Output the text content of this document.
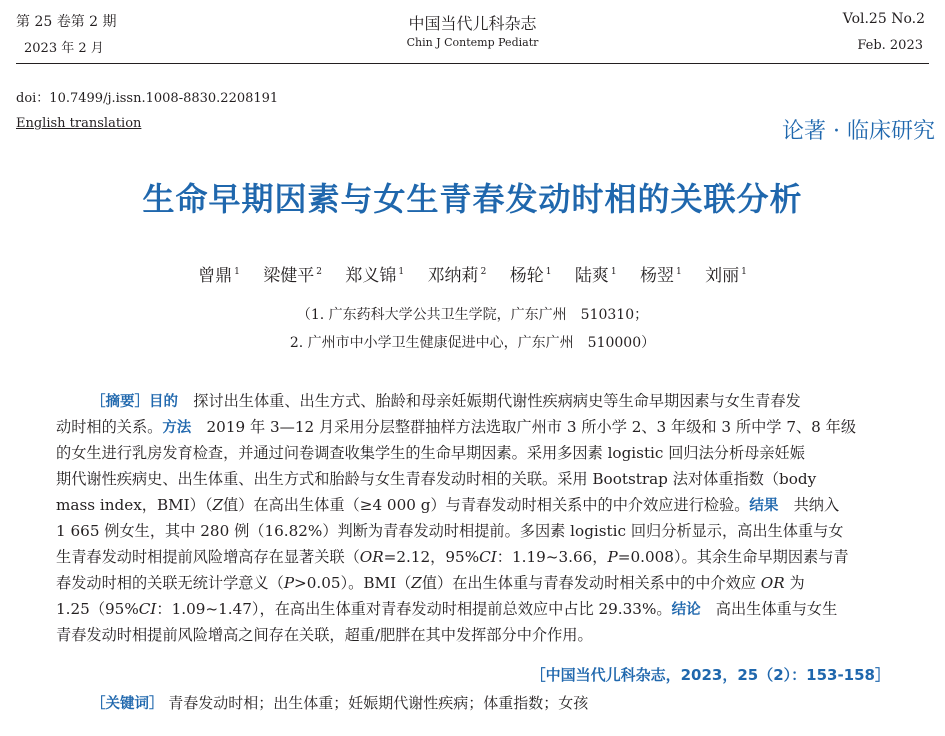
第 25 卷第 2 期
2023 年 2 月
中国当代儿科杂志
Chin J Contemp Pediatr
Vol.25 No.2
Feb. 2023
doi：10.7499/j.issn.1008-8830.2208191
English translation	论著 · 临床研究
生命早期因素与女生青春发动时相的关联分析
曾鼎 $^1$ 梁健平 $^2$ 郑义锦 $^1$ 邓纳莉 $^2$ 杨轮 $^1$ 陆爽 $^1$ 杨翌 $^1$ 刘丽 $^1$
（1. 广东药科大学公共卫生学院，广东广州　510310；
2. 广州市中小学卫生健康促进中心，广东广州　510000）
［摘要］目的　 探讨出生体重、出生方式、胎龄和母亲妊娠期代谢性疾病病史等生命早期因素与女生青春发
动时相的关系。方法　 2019 年 3—12 月采用分层整群抽样方法选取广州市 3 所小学 2、3 年级和 3 所中学 7、8 年级
的女生进行乳房发育检查，并通过问卷调查收集学生的生命早期因素。采用多因素 logistic 回归法分析母亲妊娠
期代谢性疾病史、出生体重、出生方式和胎龄与女生青春发动时相的关联。采用 Bootstrap 法对体重指数（body
mass index，BMI）（Z值）在高出生体重（≥4 000 g）与青春发动时相关系中的中介效应进行检验。结果　 共纳入
1 665 例女生，其中 280 例（16.82%）判断为青春发动时相提前。多因素 logistic 回归分析显示，高出生体重与女
生青春发动时相提前风险增高存在显著关联（OR=2.12，95%CI：1.19~3.66，P=0.008）。其余生命早期因素与青
春发动时相的关联无统计学意义（P>0.05）。BMI（Z值）在出生体重与青春发动时相关系中的中介效应 OR 为
1.25（95%CI：1.09~1.47），在高出生体重对青春发动时相提前总效应中占比 29.33%。结论　 高出生体重与女生
青春发动时相提前风险增高之间存在关联，超重/肥胖在其中发挥部分中介作用。
［中国当代儿科杂志，2023，25（2）：153-158］
［关键词］ 青春发动时相；出生体重；妊娠期代谢性疾病；体重指数；女孩
